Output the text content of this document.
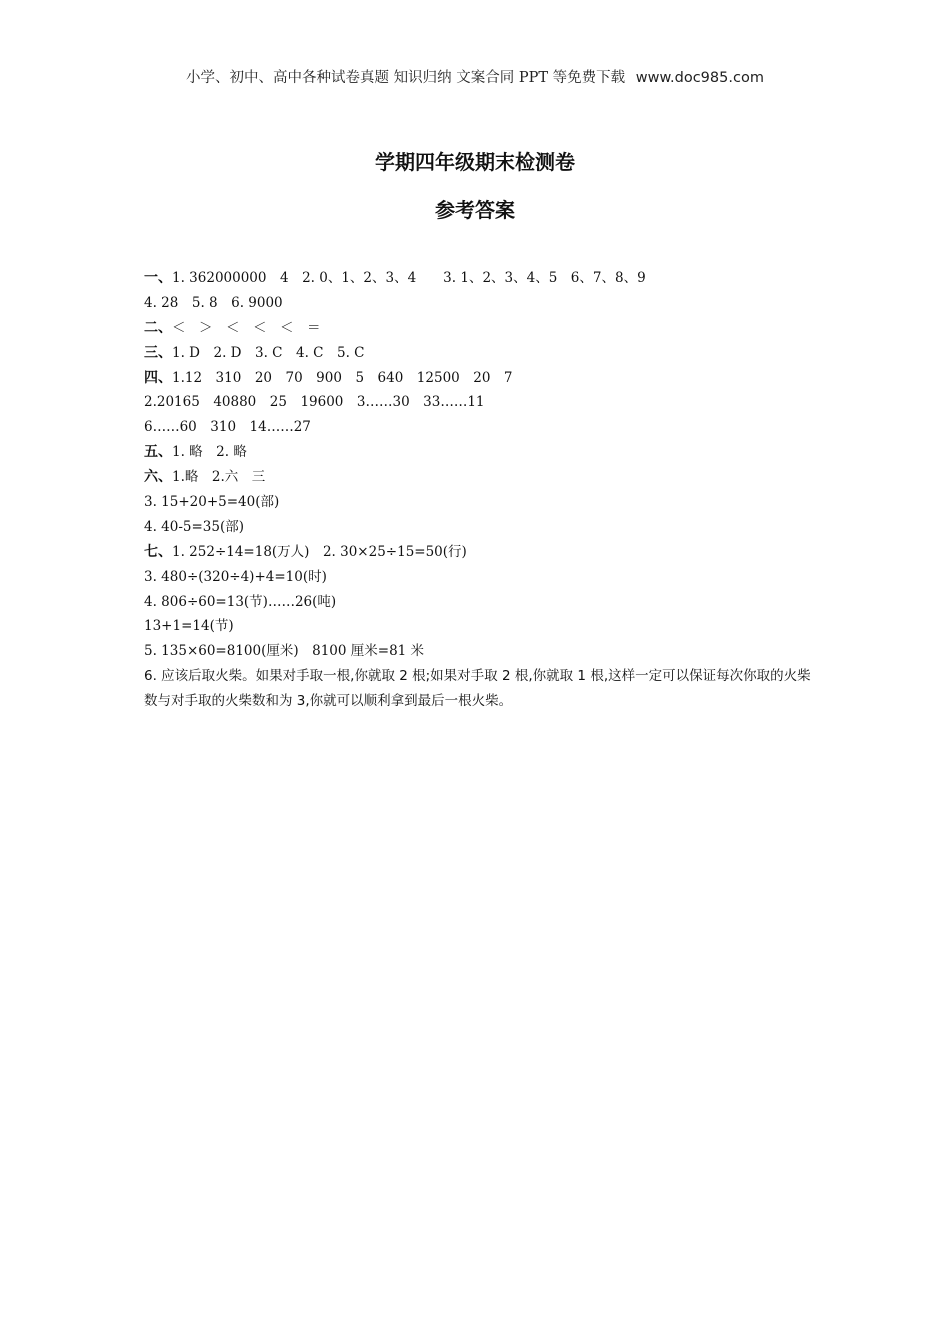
小学、初中、高中各种试卷真题 知识归纳 文案合同 PPT 等免费下载 www.doc985.com
学期四年级期末检测卷
参考答案
一、1. 362000000　4　2. 0、1、2、3、4　　3. 1、2、3、4、5　6、7、8、9
4. 28　5. 8　6. 9000
二、＜　＞　＜　＜　＜　＝
三、1. D　2. D　3. C　4. C　5. C
四、1.12　310　20　70　900　5　640　12500　20　7
2.20165　40880　25　19600　3……30　33……11
6……60　310　14……27
五、1. 略　2. 略
六、1.略　2.六　三
3. 15+20+5=40(部)
4. 40-5=35(部)
七、1. 252÷14=18(万人)　2. 30×25÷15=50(行)
3. 480÷(320÷4)+4=10(时)
4. 806÷60=13(节)……26(吨)
13+1=14(节)
5. 135×60=8100(厘米)　8100 厘米=81 米
6. 应该后取火柴。如果对手取一根,你就取 2 根;如果对手取 2 根,你就取 1 根,这样一定可以保证每次你取的火柴数与对手取的火柴数和为 3,你就可以顺利拿到最后一根火柴。
